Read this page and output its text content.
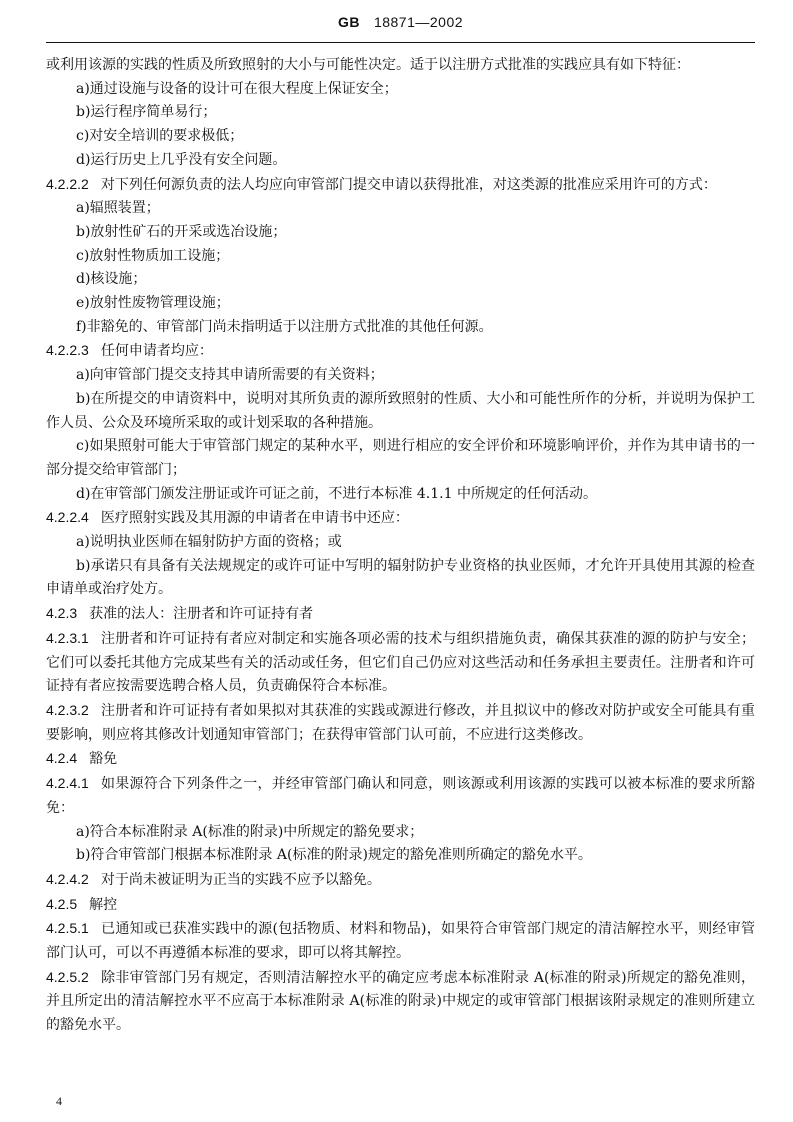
GB 18871—2002

或利用该源的实践的性质及所致照射的大小与可能性决定。适于以注册方式批准的实践应具有如下特征：

a)通过设施与设备的设计可在很大程度上保证安全；

b)运行程序简单易行；

c)对安全培训的要求极低；

d)运行历史上几乎没有安全问题。

4.2.2.2 对下列任何源负责的法人均应向审管部门提交申请以获得批准，对这类源的批准应采用许可的方式：

a)辐照装置；

b)放射性矿石的开采或选冶设施；

c)放射性物质加工设施；

d)核设施；

e)放射性废物管理设施；

f)非豁免的、审管部门尚未指明适于以注册方式批准的其他任何源。

4.2.2.3 任何申请者均应：

a)向审管部门提交支持其申请所需要的有关资料；

b)在所提交的申请资料中，说明对其所负责的源所致照射的性质、大小和可能性所作的分析，并说明为保护工作人员、公众及环境所采取的或计划采取的各种措施。

c)如果照射可能大于审管部门规定的某种水平，则进行相应的安全评价和环境影响评价，并作为其申请书的一部分提交给审管部门；

d)在审管部门颁发注册证或许可证之前，不进行本标准 4.1.1 中所规定的任何活动。

4.2.2.4 医疗照射实践及其用源的申请者在申请书中还应：

a)说明执业医师在辐射防护方面的资格；或

b)承诺只有具备有关法规规定的或许可证中写明的辐射防护专业资格的执业医师，才允许开具使用其源的检查申请单或治疗处方。

4.2.3 获准的法人：注册者和许可证持有者

4.2.3.1 注册者和许可证持有者应对制定和实施各项必需的技术与组织措施负责，确保其获准的源的防护与安全；它们可以委托其他方完成某些有关的活动或任务，但它们自己仍应对这些活动和任务承担主要责任。注册者和许可证持有者应按需要选聘合格人员，负责确保符合本标准。

4.2.3.2 注册者和许可证持有者如果拟对其获准的实践或源进行修改，并且拟议中的修改对防护或安全可能具有重要影响，则应将其修改计划通知审管部门；在获得审管部门认可前，不应进行这类修改。

4.2.4 豁免

4.2.4.1 如果源符合下列条件之一，并经审管部门确认和同意，则该源或利用该源的实践可以被本标准的要求所豁免：

a)符合本标准附录 A(标准的附录)中所规定的豁免要求；

b)符合审管部门根据本标准附录 A(标准的附录)规定的豁免准则所确定的豁免水平。

4.2.4.2 对于尚未被证明为正当的实践不应予以豁免。

4.2.5 解控

4.2.5.1 已通知或已获准实践中的源(包括物质、材料和物品)，如果符合审管部门规定的清洁解控水平，则经审管部门认可，可以不再遵循本标准的要求，即可以将其解控。

4.2.5.2 除非审管部门另有规定，否则清洁解控水平的确定应考虑本标准附录 A(标准的附录)所规定的豁免准则，并且所定出的清洁解控水平不应高于本标准附录 A(标准的附录)中规定的或审管部门根据该附录规定的准则所建立的豁免水平。

4
